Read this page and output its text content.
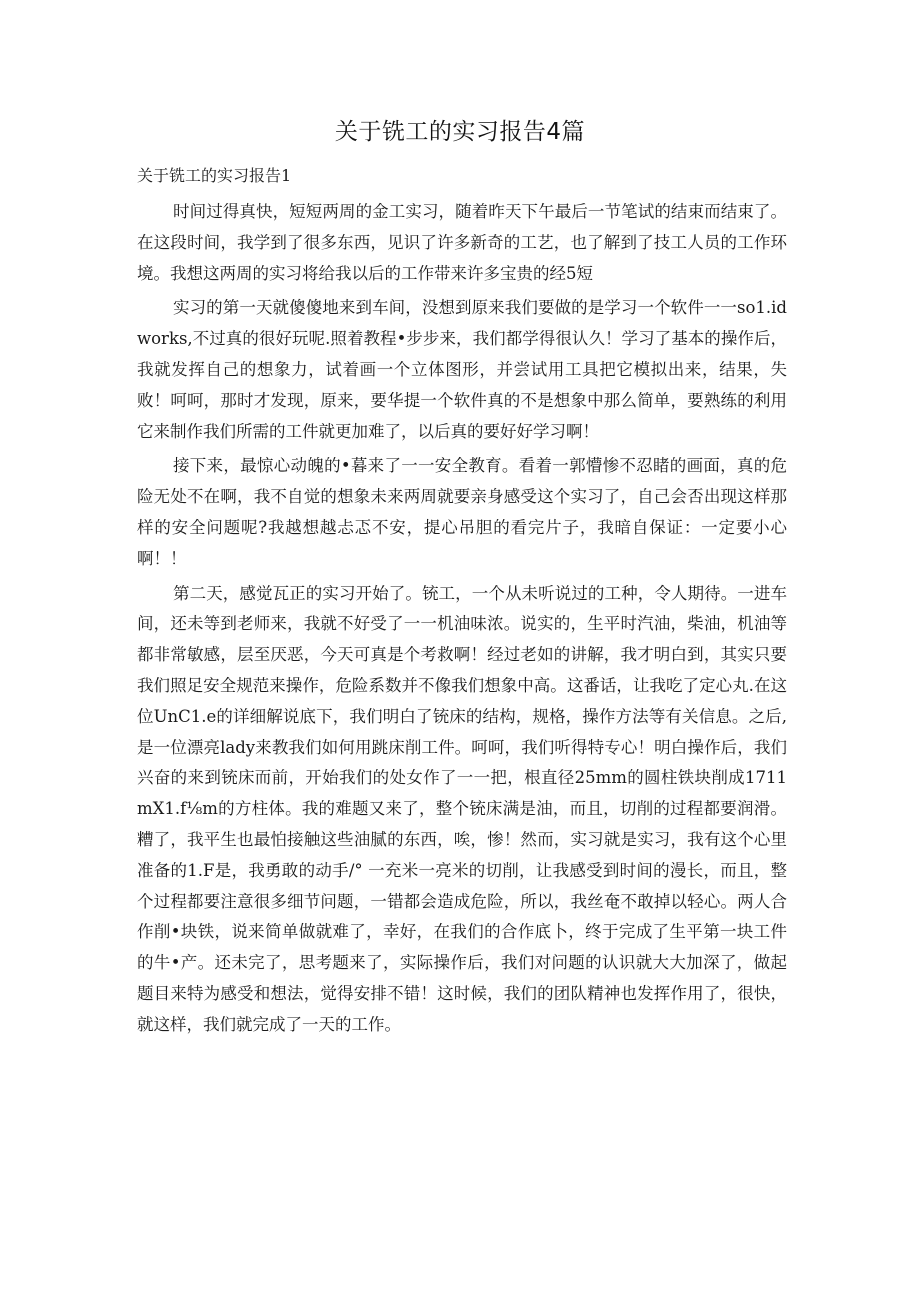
关于铣工的实习报告4篇

关于铣工的实习报告1

时间过得真快，短短两周的金工实习，随着昨天下午最后一节笔试的结束而结束了。在这段时间，我学到了很多东西，见识了许多新奇的工艺，也了解到了技工人员的工作环境。我想这两周的实习将给我以后的工作带来许多宝贵的经5短

实习的第一天就傻傻地来到车间，没想到原来我们要做的是学习一个软件一一so1.idworks,不过真的很好玩呢.照着教程•步步来，我们都学得很认久！学习了基本的操作后，我就发挥自己的想象力，试着画一个立体图形，并尝试用工具把它模拟出来，结果，失败！呵呵，那时才发现，原来，要华提一个软件真的不是想象中那么简单，要熟练的利用它来制作我们所需的工件就更加难了，以后真的要好好学习啊！

接下来，最惊心动魄的•暮来了一一安全教育。看着一郭懵惨不忍睹的画面，真的危险无处不在啊，我不自觉的想象未来两周就要亲身感受这个实习了，自己会否出现这样那样的安全问题呢?我越想越忐忑不安，提心吊胆的看完片子，我暗自保证：一定要小心啊！！

第二天，感觉瓦正的实习开始了。铳工，一个从未听说过的工种，令人期待。一进车间，还未等到老师来，我就不好受了一一机油味浓。说实的，生平时汽油，柴油，机油等都非常敏感，层至厌恶，今天可真是个考救啊！经过老如的讲解，我才明白到，其实只要我们照足安全规范来操作，危险系数并不像我们想象中高。这番话，让我吃了定心丸.在这位UnC1.e的详细解说底下，我们明白了铳床的结构，规格，操作方法等有关信息。之后,是一位漂亮lady来教我们如何用跳床削工件。呵呵，我们听得特专心！明白操作后，我们兴奋的来到铳床而前，开始我们的处女作了一一把，根直径25mm的圆柱铁块削成1711mX1.f⅛m的方柱体。我的难题又来了，整个铳床满是油，而且，切削的过程都要润滑。糟了，我平生也最怕接触这些油腻的东西，唉，惨！然而，实习就是实习，我有这个心里准备的1.F是，我勇敢的动手/° 一充米一亮米的切削，让我感受到时间的漫长，而且，整个过程都要注意很多细节问题，一错都会造成危险，所以，我丝奄不敢掉以轻心。两人合作削•块铁，说来简单做就难了，幸好，在我们的合作底卜，终于完成了生平第一块工件的牛•产。还未完了，思考题来了，实际操作后，我们对问题的认识就大大加深了，做起题目来特为感受和想法，觉得安排不错！这时候，我们的团队精神也发挥作用了，很快，就这样，我们就完成了一天的工作。
